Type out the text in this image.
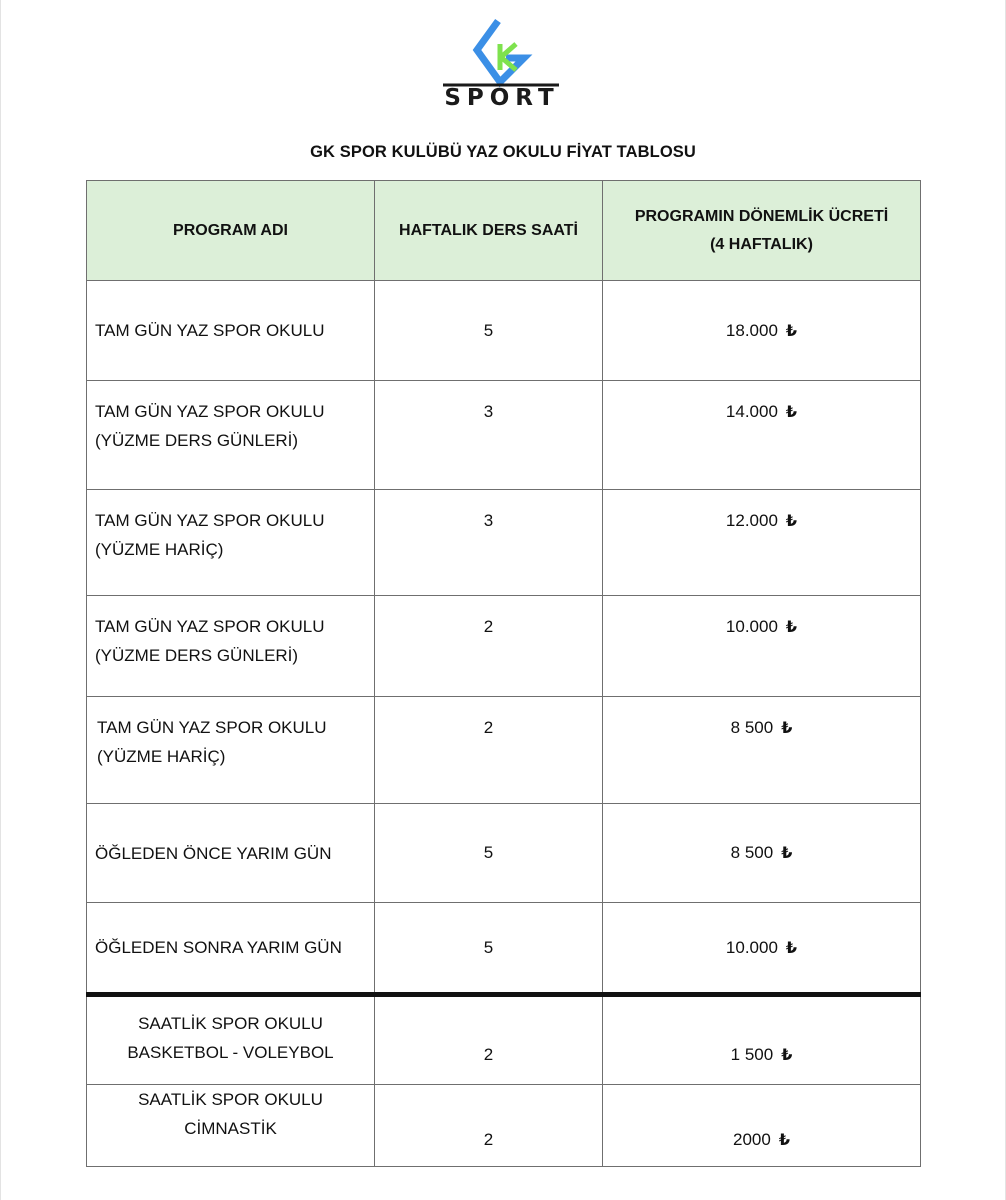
SPORT
GK SPOR KULÜBÜ YAZ OKULU FİYAT TABLOSU
PROGRAM ADI	HAFTALIK DERS SAATİ	PROGRAMIN DÖNEMLİK ÜCRETİ
(4 HAFTALIK)

TAM GÜN YAZ SPOR OKULU	5	18.000 ₺

TAM GÜN YAZ SPOR OKULU
(YÜZME DERS GÜNLERİ)	3	14.000 ₺

TAM GÜN YAZ SPOR OKULU
(YÜZME HARİÇ)	3	12.000 ₺

TAM GÜN YAZ SPOR OKULU
(YÜZME DERS GÜNLERİ)	2	10.000 ₺

TAM GÜN YAZ SPOR OKULU
(YÜZME HARİÇ)	2	8 500 ₺

ÖĞLEDEN ÖNCE YARIM GÜN	5	8 500 ₺

ÖĞLEDEN SONRA YARIM GÜN	5	10.000 ₺

SAATLİK SPOR OKULU
BASKETBOL - VOLEYBOL	2	1 500 ₺

SAATLİK SPOR OKULU
CİMNASTİK	2	2000 ₺
